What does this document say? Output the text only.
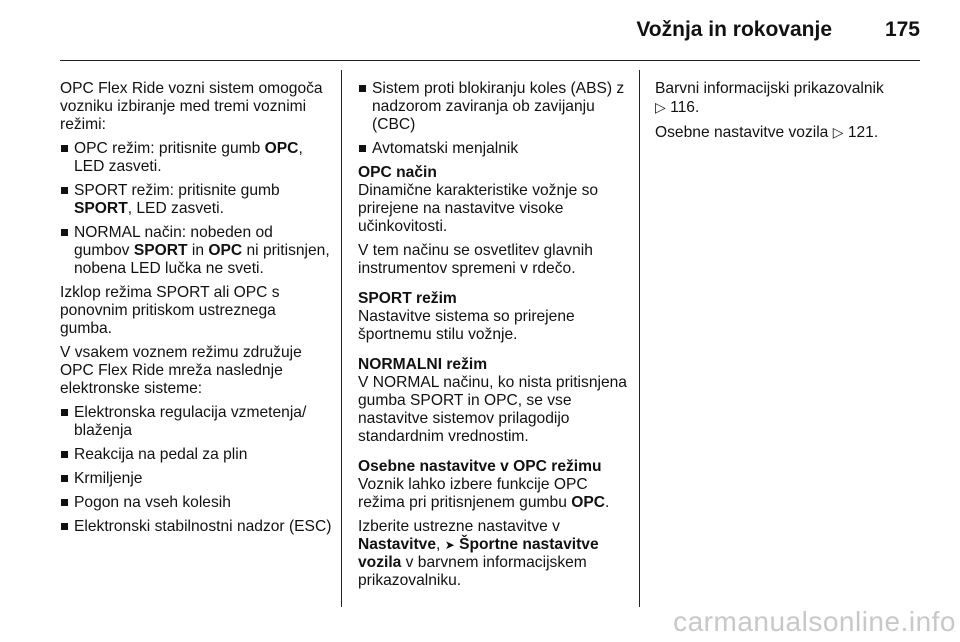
Vožnja in rokovanje	175

OPC Flex Ride vozni sistem omogoča vozniku izbiranje med tremi voznimi režimi:

OPC režim: pritisnite gumb OPC, LED zasveti.
SPORT režim: pritisnite gumb SPORT, LED zasveti.
NORMAL način: nobeden od gumbov SPORT in OPC ni pritisnjen, nobena LED lučka ne sveti.

Izklop režima SPORT ali OPC s ponovnim pritiskom ustreznega gumba.

V vsakem voznem režimu združuje OPC Flex Ride mreža naslednje elektronske sisteme:

Elektronska regulacija vzmetenja/ blaženja
Reakcija na pedal za plin
Krmiljenje
Pogon na vseh kolesih
Elektronski stabilnostni nadzor (ESC)
Sistem proti blokiranju koles (ABS) z nadzorom zaviranja ob zavijanju (CBC)
Avtomatski menjalnik
OPC način

Dinamične karakteristike vožnje so prirejene na nastavitve visoke učinkovitosti.

V tem načinu se osvetlitev glavnih instrumentov spremeni v rdečo.

SPORT režim

Nastavitve sistema so prirejene športnemu stilu vožnje.

NORMALNI režim

V NORMAL načinu, ko nista pritisnjena gumba SPORT in OPC, se vse nastavitve sistemov prilagodijo standardnim vrednostim.

Osebne nastavitve v OPC režimu

Voznik lahko izbere funkcije OPC režima pri pritisnjenem gumbu OPC.

Izberite ustrezne nastavitve v Nastavitve, ➤ Športne nastavitve vozila v barvnem informacijskem prikazovalniku.

Barvni informacijski prikazovalnik
▷ 116.

Osebne nastavitve vozila ▷ 121.

carmanualsonline.info
